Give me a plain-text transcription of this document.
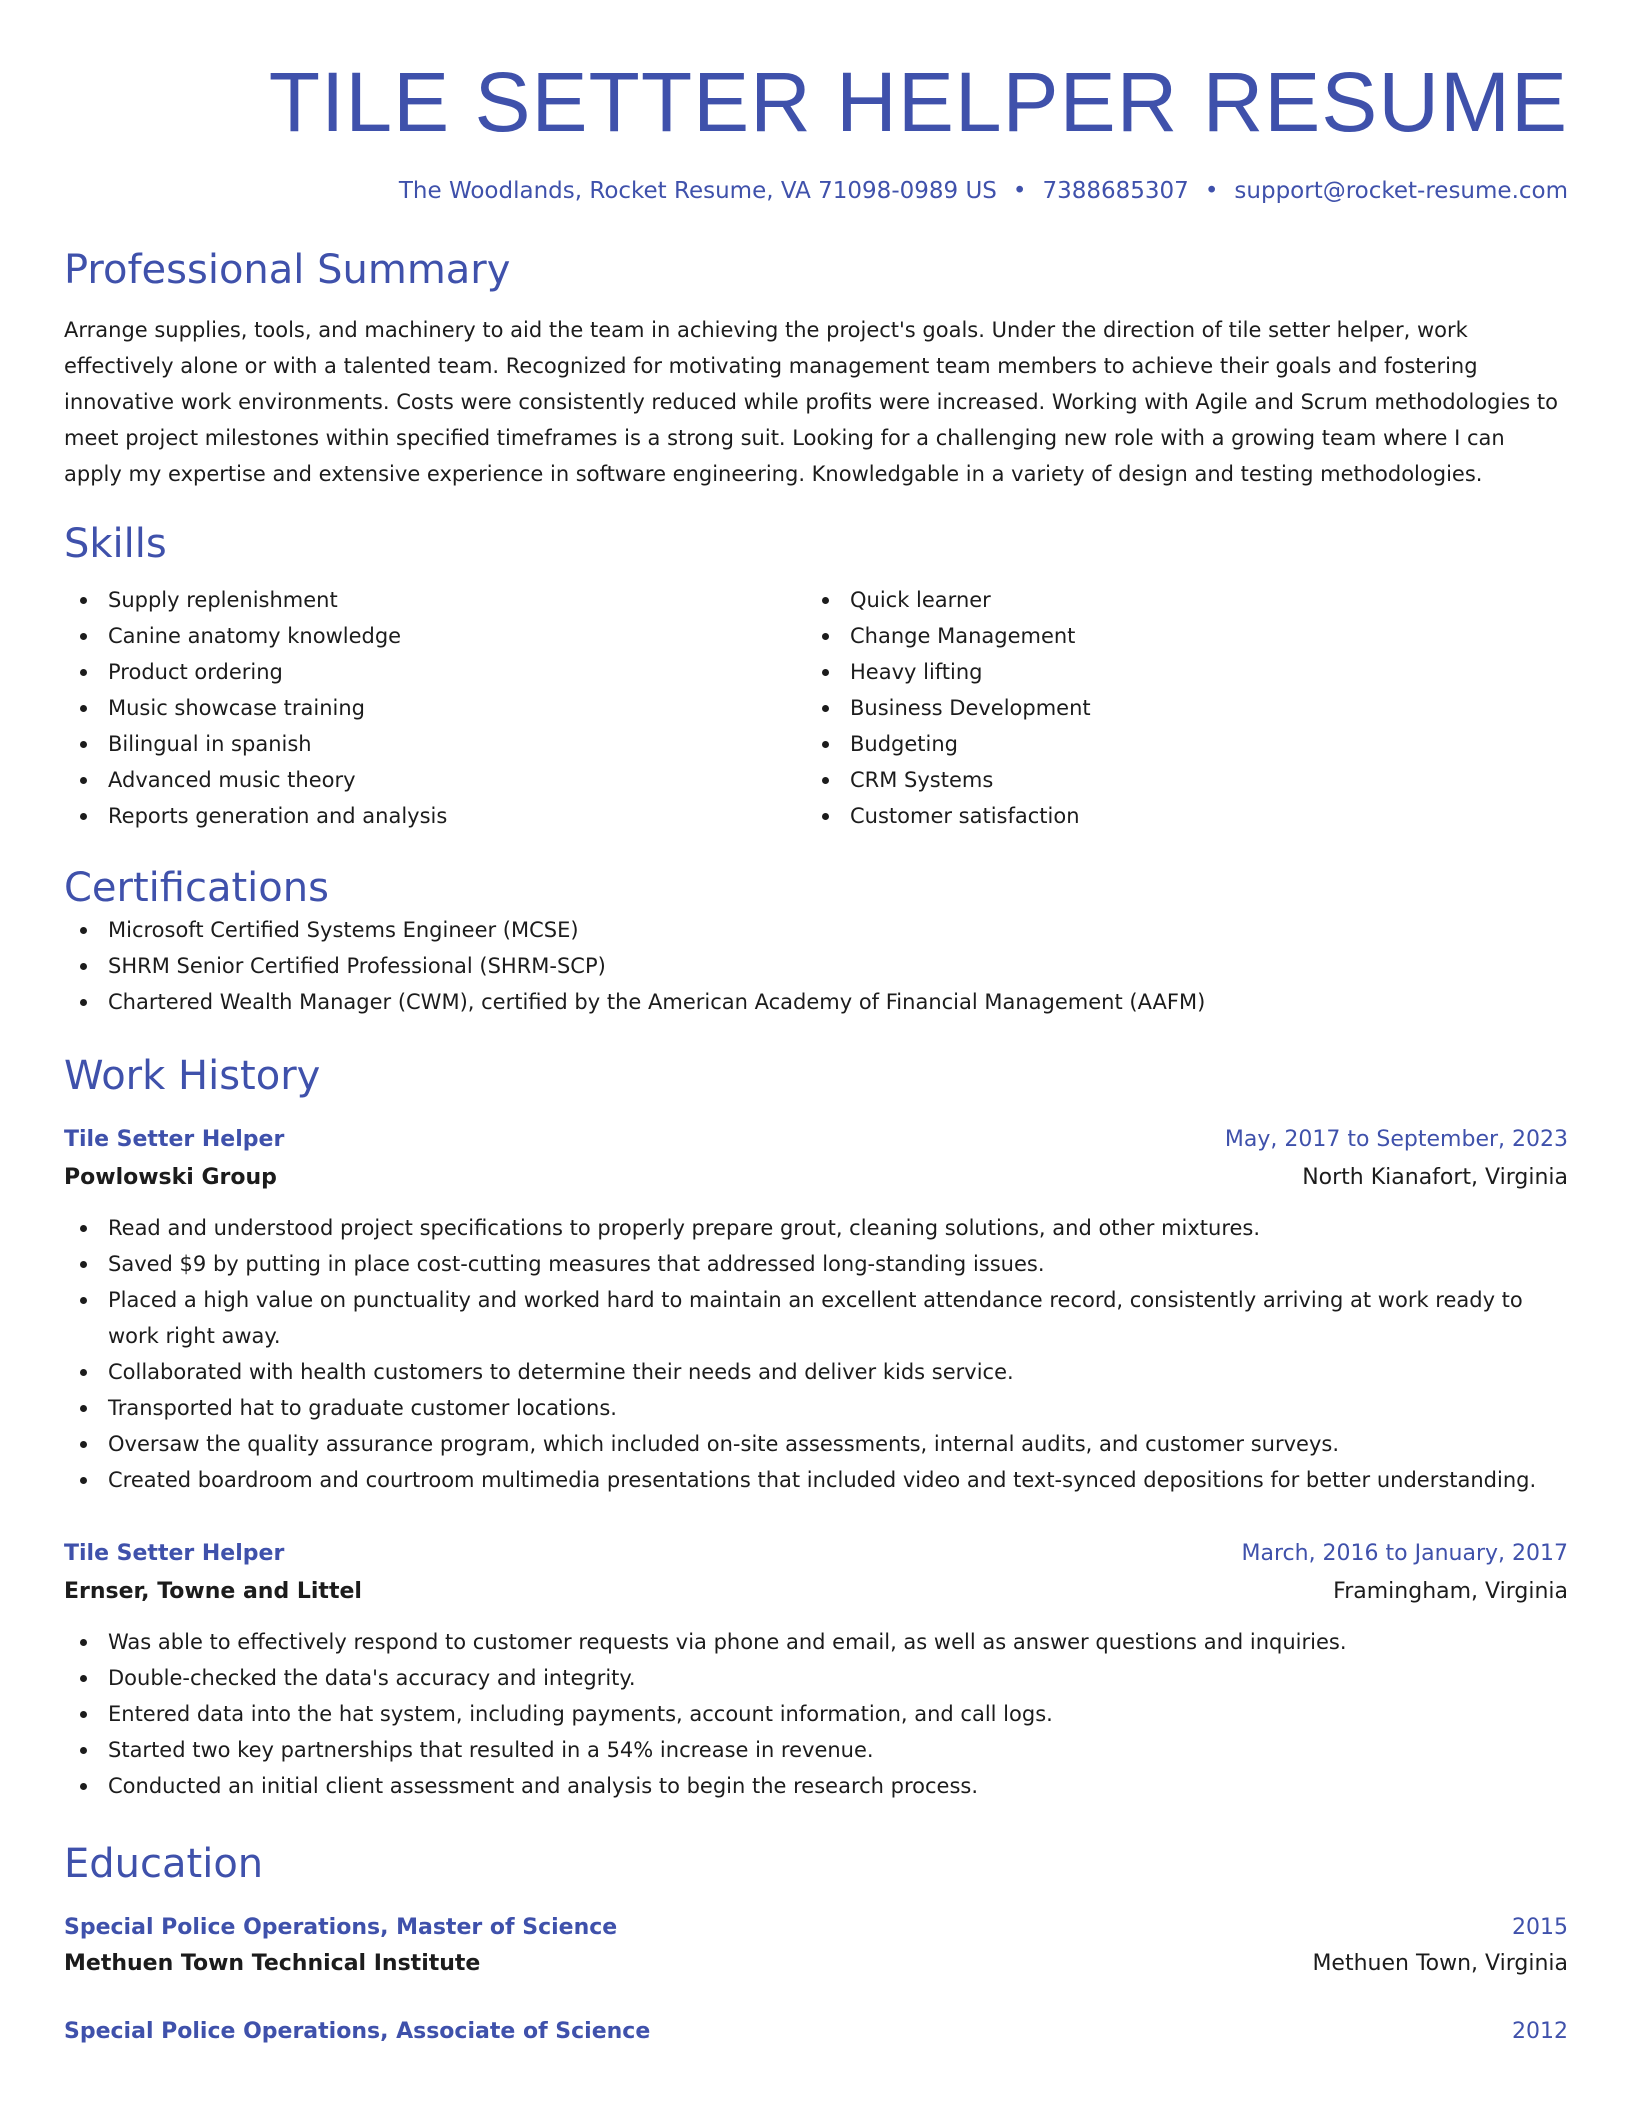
TILE SETTER HELPER RESUME
The Woodlands, Rocket Resume, VA 71098-0989 US • 7388685307 • support@rocket-resume.com
Professional Summary

Arrange supplies, tools, and machinery to aid the team in achieving the project's goals. Under the direction of tile setter helper, work effectively alone or with a talented team. Recognized for motivating management team members to achieve their goals and fostering innovative work environments. Costs were consistently reduced while profits were increased. Working with Agile and Scrum methodologies to meet project milestones within specified timeframes is a strong suit. Looking for a challenging new role with a growing team where I can apply my expertise and extensive experience in software engineering. Knowledgable in a variety of design and testing methodologies.

Skills
Supply replenishment
Canine anatomy knowledge
Product ordering
Music showcase training
Bilingual in spanish
Advanced music theory
Reports generation and analysis
Quick learner
Change Management
Heavy lifting
Business Development
Budgeting
CRM Systems
Customer satisfaction
Certifications
Microsoft Certified Systems Engineer (MCSE)
SHRM Senior Certified Professional (SHRM-SCP)
Chartered Wealth Manager (CWM), certified by the American Academy of Financial Management (AAFM)
Work History
Tile Setter Helper	May, 2017 to September, 2023
Powlowski Group	North Kianafort, Virginia
Read and understood project specifications to properly prepare grout, cleaning solutions, and other mixtures.
Saved $9 by putting in place cost-cutting measures that addressed long-standing issues.
Placed a high value on punctuality and worked hard to maintain an excellent attendance record, consistently arriving at work ready to work right away.
Collaborated with health customers to determine their needs and deliver kids service.
Transported hat to graduate customer locations.
Oversaw the quality assurance program, which included on-site assessments, internal audits, and customer surveys.
Created boardroom and courtroom multimedia presentations that included video and text-synced depositions for better understanding.
Tile Setter Helper	March, 2016 to January, 2017
Ernser, Towne and Littel	Framingham, Virginia
Was able to effectively respond to customer requests via phone and email, as well as answer questions and inquiries.
Double-checked the data's accuracy and integrity.
Entered data into the hat system, including payments, account information, and call logs.
Started two key partnerships that resulted in a 54% increase in revenue.
Conducted an initial client assessment and analysis to begin the research process.
Education
Special Police Operations, Master of Science	2015
Methuen Town Technical Institute	Methuen Town, Virginia
Special Police Operations, Associate of Science	2012
